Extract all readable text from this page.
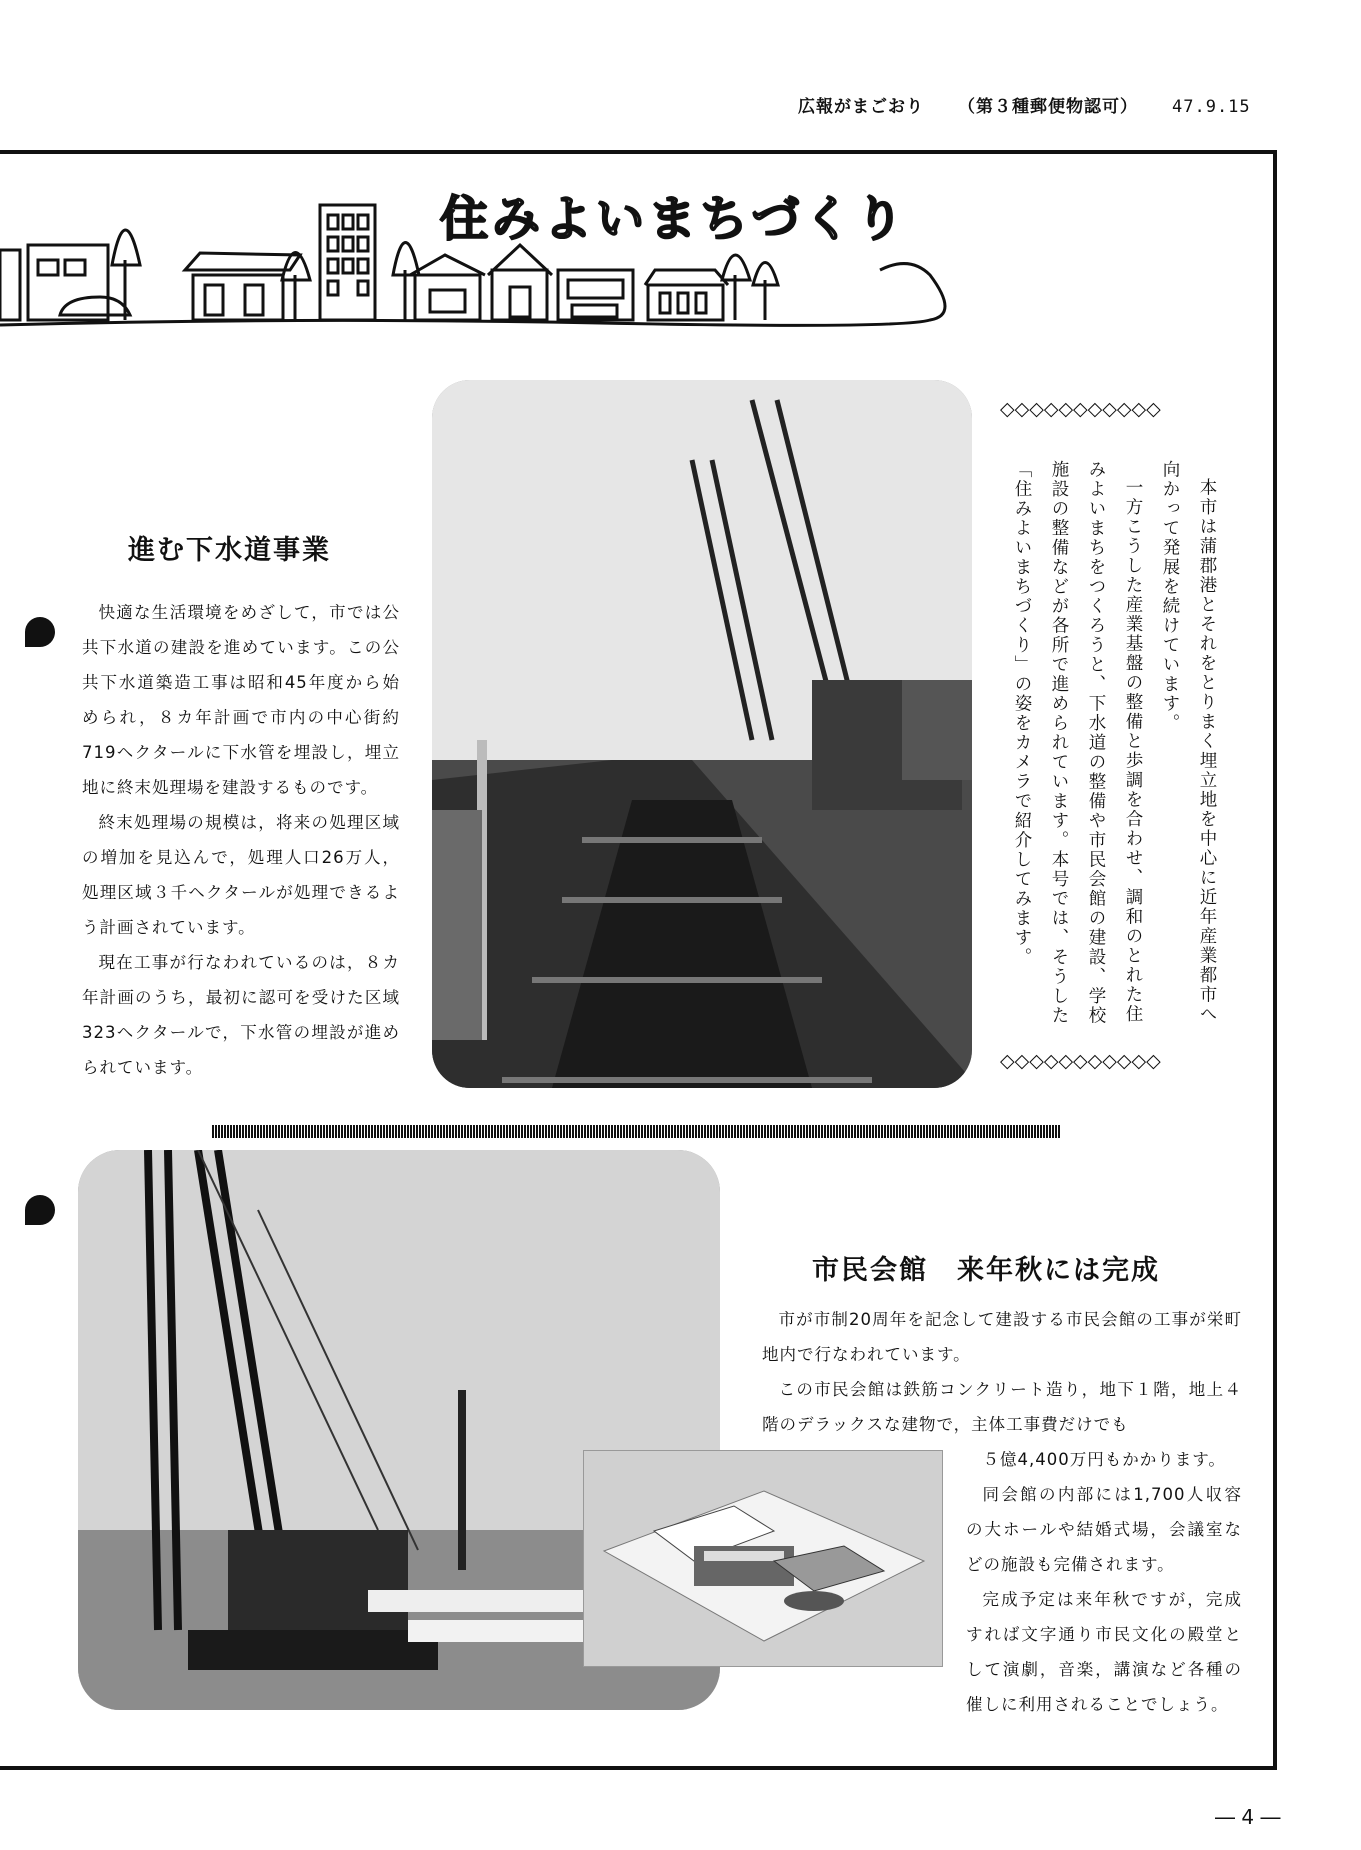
広報がまごおり （第３種郵便物認可） 47.9.15
住みよいまちづくり
◇◇◇◇◇◇◇◇◇◇◇

本市は蒲郡港とそれをとりまく埋立地を中心に近年産業都市へ向かって発展を続けています。

一方こうした産業基盤の整備と歩調を合わせ、調和のとれた住みよいまちをつくろうと、下水道の整備や市民会館の建設、学校施設の整備などが各所で進められています。本号では、そうした「住みよいまちづくり」の姿をカメラで紹介してみます。

◇◇◇◇◇◇◇◇◇◇◇
進む下水道事業

快適な生活環境をめざして，市では公共下水道の建設を進めています。この公共下水道築造工事は昭和45年度から始められ，８カ年計画で市内の中心街約719ヘクタールに下水管を埋設し，埋立地に終末処理場を建設するものです。

終末処理場の規模は，将来の処理区域の増加を見込んで，処理人口26万人，処理区域３千ヘクタールが処理できるよう計画されています。

現在工事が行なわれているのは，８カ年計画のうち，最初に認可を受けた区域323ヘクタールで，下水管の埋設が進められています。

市民会館　来年秋には完成

市が市制20周年を記念して建設する市民会館の工事が栄町地内で行なわれています。

この市民会館は鉄筋コンクリート造り，地下１階，地上４階のデラックスな建物で，主体工事費だけでも

５億4,400万円もかかります。

同会館の内部には1,700人収容の大ホールや結婚式場，会議室などの施設も完備されます。

完成予定は来年秋ですが，完成すれば文字通り市民文化の殿堂として演劇，音楽，講演など各種の催しに利用されることでしょう。

― 4 ―
